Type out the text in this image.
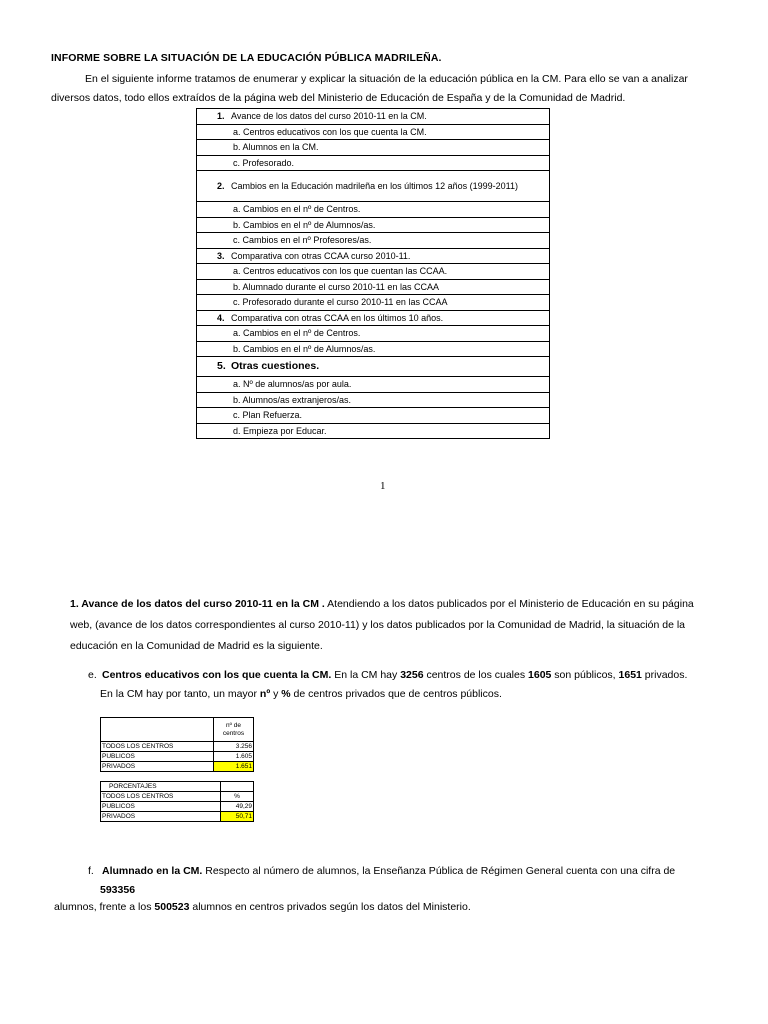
INFORME SOBRE LA SITUACIÓN DE LA EDUCACIÓN PÚBLICA MADRILEÑA.
En el siguiente informe tratamos de enumerar y explicar la situación de la educación pública en la CM. Para ello se van a analizar
diversos datos, todo ellos extraídos de la página web del Ministerio de Educación de España y de la Comunidad de Madrid.
1. Avance de los datos del curso 2010-11 en la CM.
a. Centros educativos con los que cuenta la CM.
b. Alumnos en la CM.
c. Profesorado.
2. Cambios en la Educación madrileña en los últimos 12 años (1999-2011)
a. Cambios en el nº de Centros.
b. Cambios en el nº de Alumnos/as.
c. Cambios en el nº Profesores/as.
3. Comparativa con otras CCAA curso 2010-11.
a. Centros educativos con los que cuentan las CCAA.
b. Alumnado durante el curso 2010-11 en las CCAA
c. Profesorado durante el curso 2010-11 en las CCAA
4. Comparativa con otras CCAA en los últimos 10 años.
a. Cambios en el nº de Centros.
b. Cambios en el nº de Alumnos/as.
5. Otras cuestiones.
a. Nº de alumnos/as por aula.
b. Alumnos/as extranjeros/as.
c. Plan Refuerza.
d. Empieza por Educar.
1
1. Avance de los datos del curso 2010-11 en la CM . Atendiendo a los datos publicados por el Ministerio de Educación en su página web, (avance de los datos correspondientes al curso 2010-11) y los datos publicados por la Comunidad de Madrid, la situación de la educación en la Comunidad de Madrid es la siguiente.
e. Centros educativos con los que cuenta la CM. En la CM hay 3256 centros de los cuales 1605 son públicos, 1651 privados.
En la CM hay por tanto, un mayor nº y % de centros privados que de centros públicos.
	nº de centros
TODOS LOS CENTROS	3.256
PUBLICOS	1.605
PRIVADOS	1.651
PORCENTAJES	
TODOS LOS CENTROS	%
PUBLICOS	49,29
PRIVADOS	50,71
f. Alumnado en la CM. Respecto al número de alumnos, la Enseñanza Pública de Régimen General cuenta con una cifra de
593356
alumnos, frente a los 500523 alumnos en centros privados según los datos del Ministerio.
